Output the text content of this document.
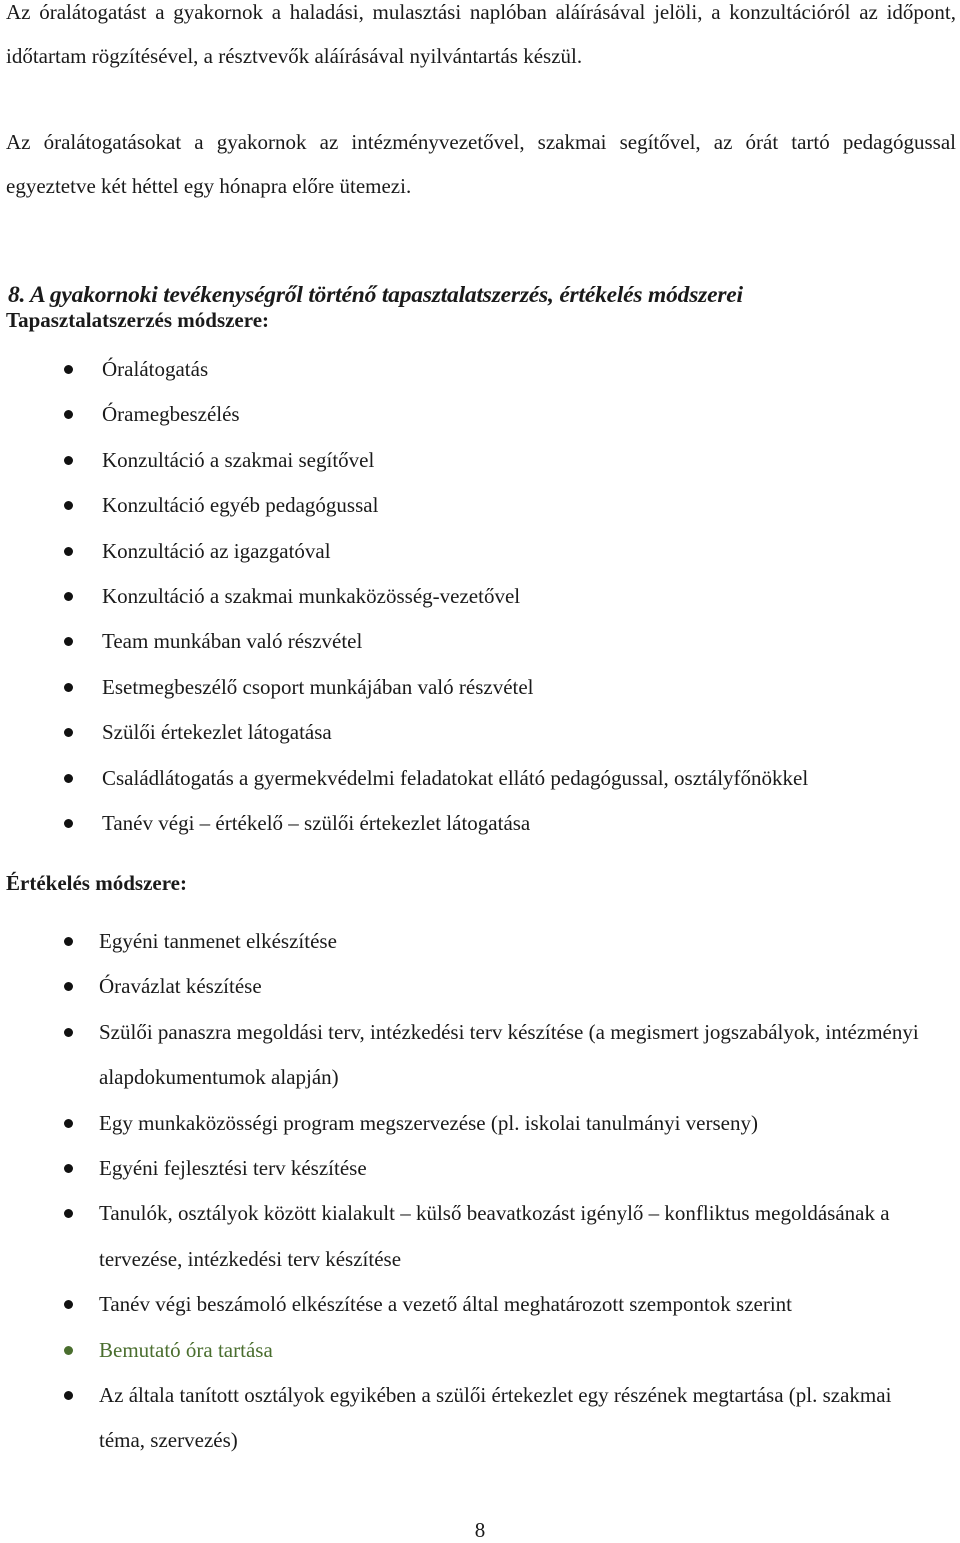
Az óralátogatást a gyakornok a haladási, mulasztási naplóban aláírásával jelöli, a konzultációról az időpont, időtartam rögzítésével, a résztvevők aláírásával nyilvántartás készül.

Az óralátogatásokat a gyakornok az intézményvezetővel, szakmai segítővel, az órát tartó pedagógussal egyeztetve két héttel egy hónapra előre ütemezi.

8. A gyakornoki tevékenységről történő tapasztalatszerzés, értékelés módszerei
Tapasztalatszerzés módszere:
Óralátogatás
Óramegbeszélés
Konzultáció a szakmai segítővel
Konzultáció egyéb pedagógussal
Konzultáció az igazgatóval
Konzultáció a szakmai munkaközösség-vezetővel
Team munkában való részvétel
Esetmegbeszélő csoport munkájában való részvétel
Szülői értekezlet látogatása
Családlátogatás a gyermekvédelmi feladatokat ellátó pedagógussal, osztályfőnökkel
Tanév végi – értékelő – szülői értekezlet látogatása
Értékelés módszere:
Egyéni tanmenet elkészítése
Óravázlat készítése
Szülői panaszra megoldási terv, intézkedési terv készítése (a megismert jogszabályok, intézményi alapdokumentumok alapján)
Egy munkaközösségi program megszervezése (pl. iskolai tanulmányi verseny)
Egyéni fejlesztési terv készítése
Tanulók, osztályok között kialakult – külső beavatkozást igénylő – konfliktus megoldásának a tervezése, intézkedési terv készítése
Tanév végi beszámoló elkészítése a vezető által meghatározott szempontok szerint
Bemutató óra tartása
Az általa tanított osztályok egyikében a szülői értekezlet egy részének megtartása (pl. szakmai téma, szervezés)
8
